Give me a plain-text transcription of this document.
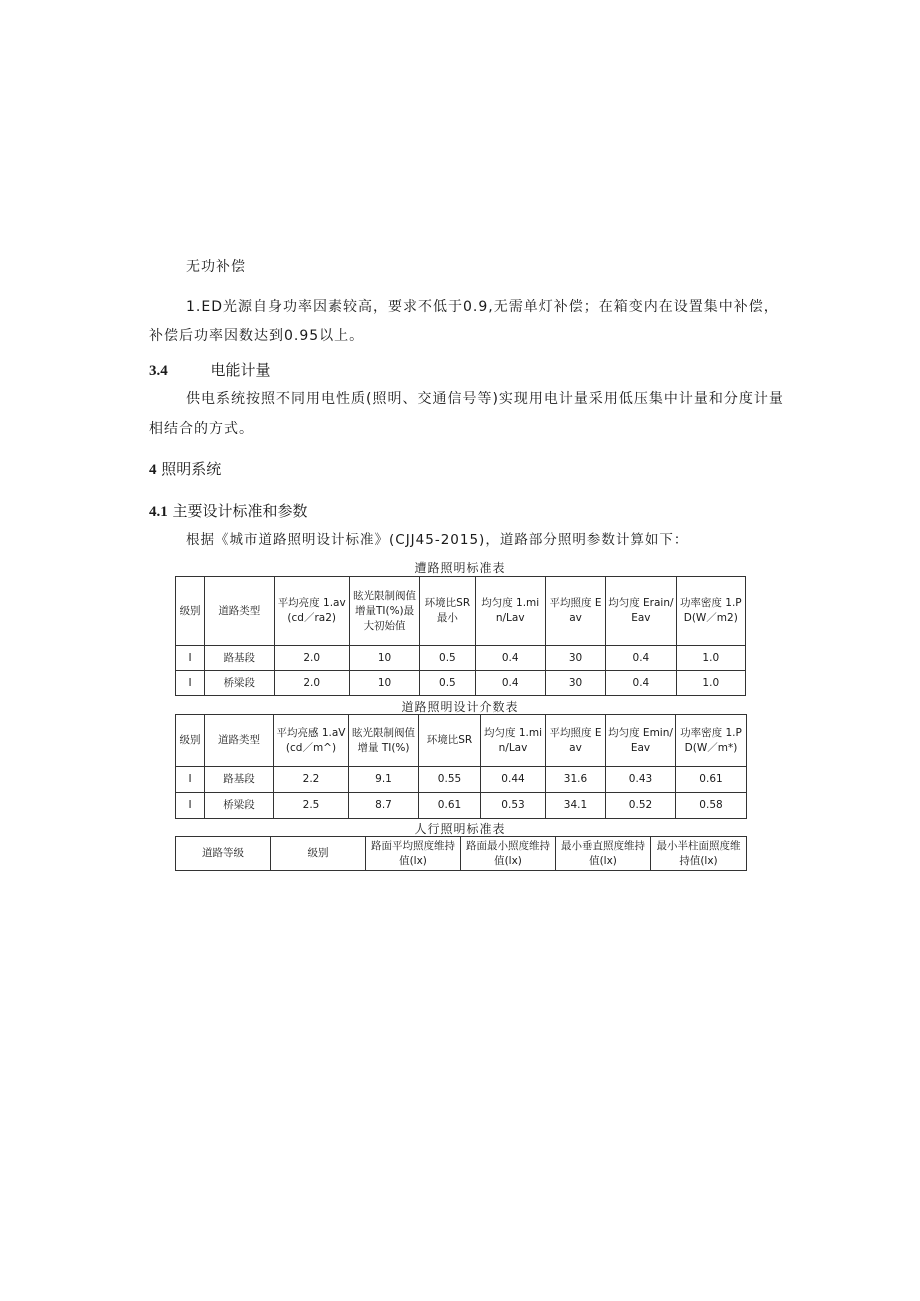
无功补偿
1.ED光源自身功率因素较高，要求不低于0.9,无需单灯补偿；在箱变内在设置集中补偿，
补偿后功率因数达到0.95以上。
3.4	电能计量
供电系统按照不同用电性质(照明、交通信号等)实现用电计量采用低压集中计量和分度计量
相结合的方式。
4 照明系统
4.1 主要设计标准和参数
根据《城市道路照明设计标准》(CJJ45-2015)，道路部分照明参数计算如下：
遭路照明标准表
级别	道路类型	平均亮度 1.av(cd／ra2)	眩光限制阀值增量TI(%)最大初始值	环境比SR最小	均匀度 1.min/Lav	平均照度 Eav	均匀度 Erain/Eav	功率密度 1.PD(W／m2)
I	路基段	2.0	10	0.5	0.4	30	0.4	1.0
I	桥梁段	2.0	10	0.5	0.4	30	0.4	1.0
道路照明设计介数表
级别	道路类型	平均亮感 1.aV(cd／m^)	眩光限制阀值增量 TI(%)	环境比SR	均匀度 1.min/Lav	平均照度 Eav	均匀度 Emin/Eav	功率密度 1.PD(W／m*)
I	路基段	2.2	9.1	0.55	0.44	31.6	0.43	0.61
I	桥梁段	2.5	8.7	0.61	0.53	34.1	0.52	0.58
人行照明标准表
道路等级	级别	路面平均照度维持值(lx)	路面最小照度维持值(lx)	最小垂直照度维持值(lx)	最小半柱面照度维持值(lx)
